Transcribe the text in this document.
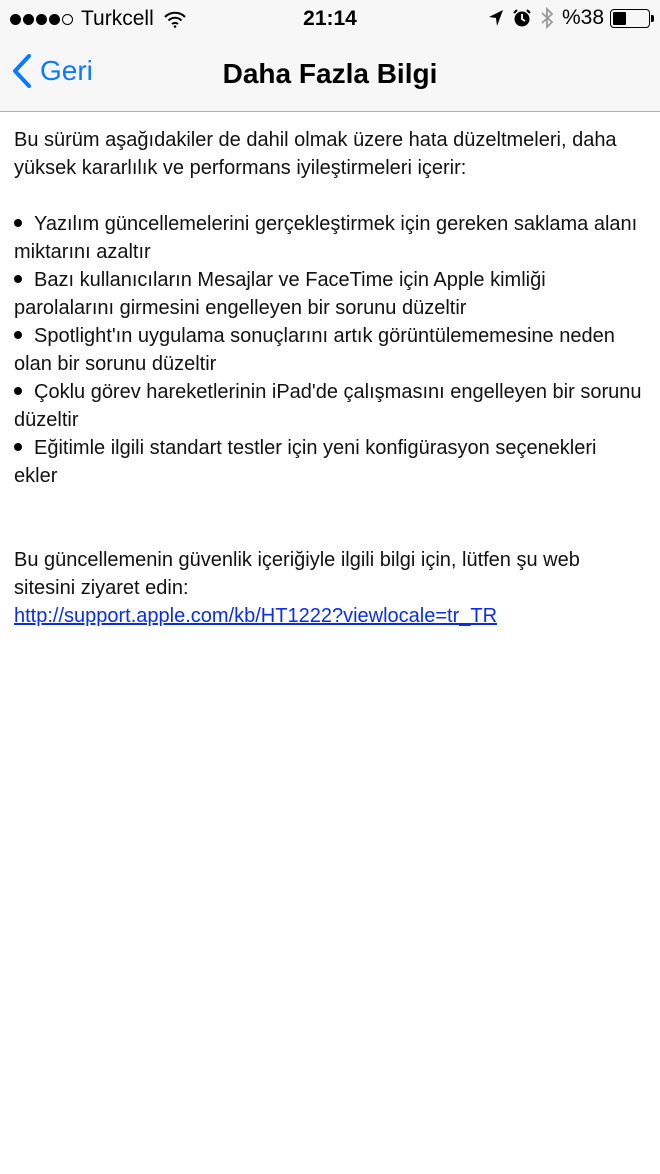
Turkcell	21:14	%38
Geri	Daha Fazla Bilgi

Bu sürüm aşağıdakiler de dahil olmak üzere hata düzeltmeleri, daha yüksek kararlılık ve performans iyileştirmeleri içerir:

Yazılım güncellemelerini gerçekleştirmek için gereken saklama alanı miktarını azaltır
Bazı kullanıcıların Mesajlar ve FaceTime için Apple kimliği parolalarını girmesini engelleyen bir sorunu düzeltir
Spotlight'ın uygulama sonuçlarını artık görüntülememesine neden olan bir sorunu düzeltir
Çoklu görev hareketlerinin iPad'de çalışmasını engelleyen bir sorunu düzeltir
Eğitimle ilgili standart testler için yeni konfigürasyon seçenekleri ekler

Bu güncellemenin güvenlik içeriğiyle ilgili bilgi için, lütfen şu web sitesini ziyaret edin:

http://support.apple.com/kb/HT1222?viewlocale=tr_TR
